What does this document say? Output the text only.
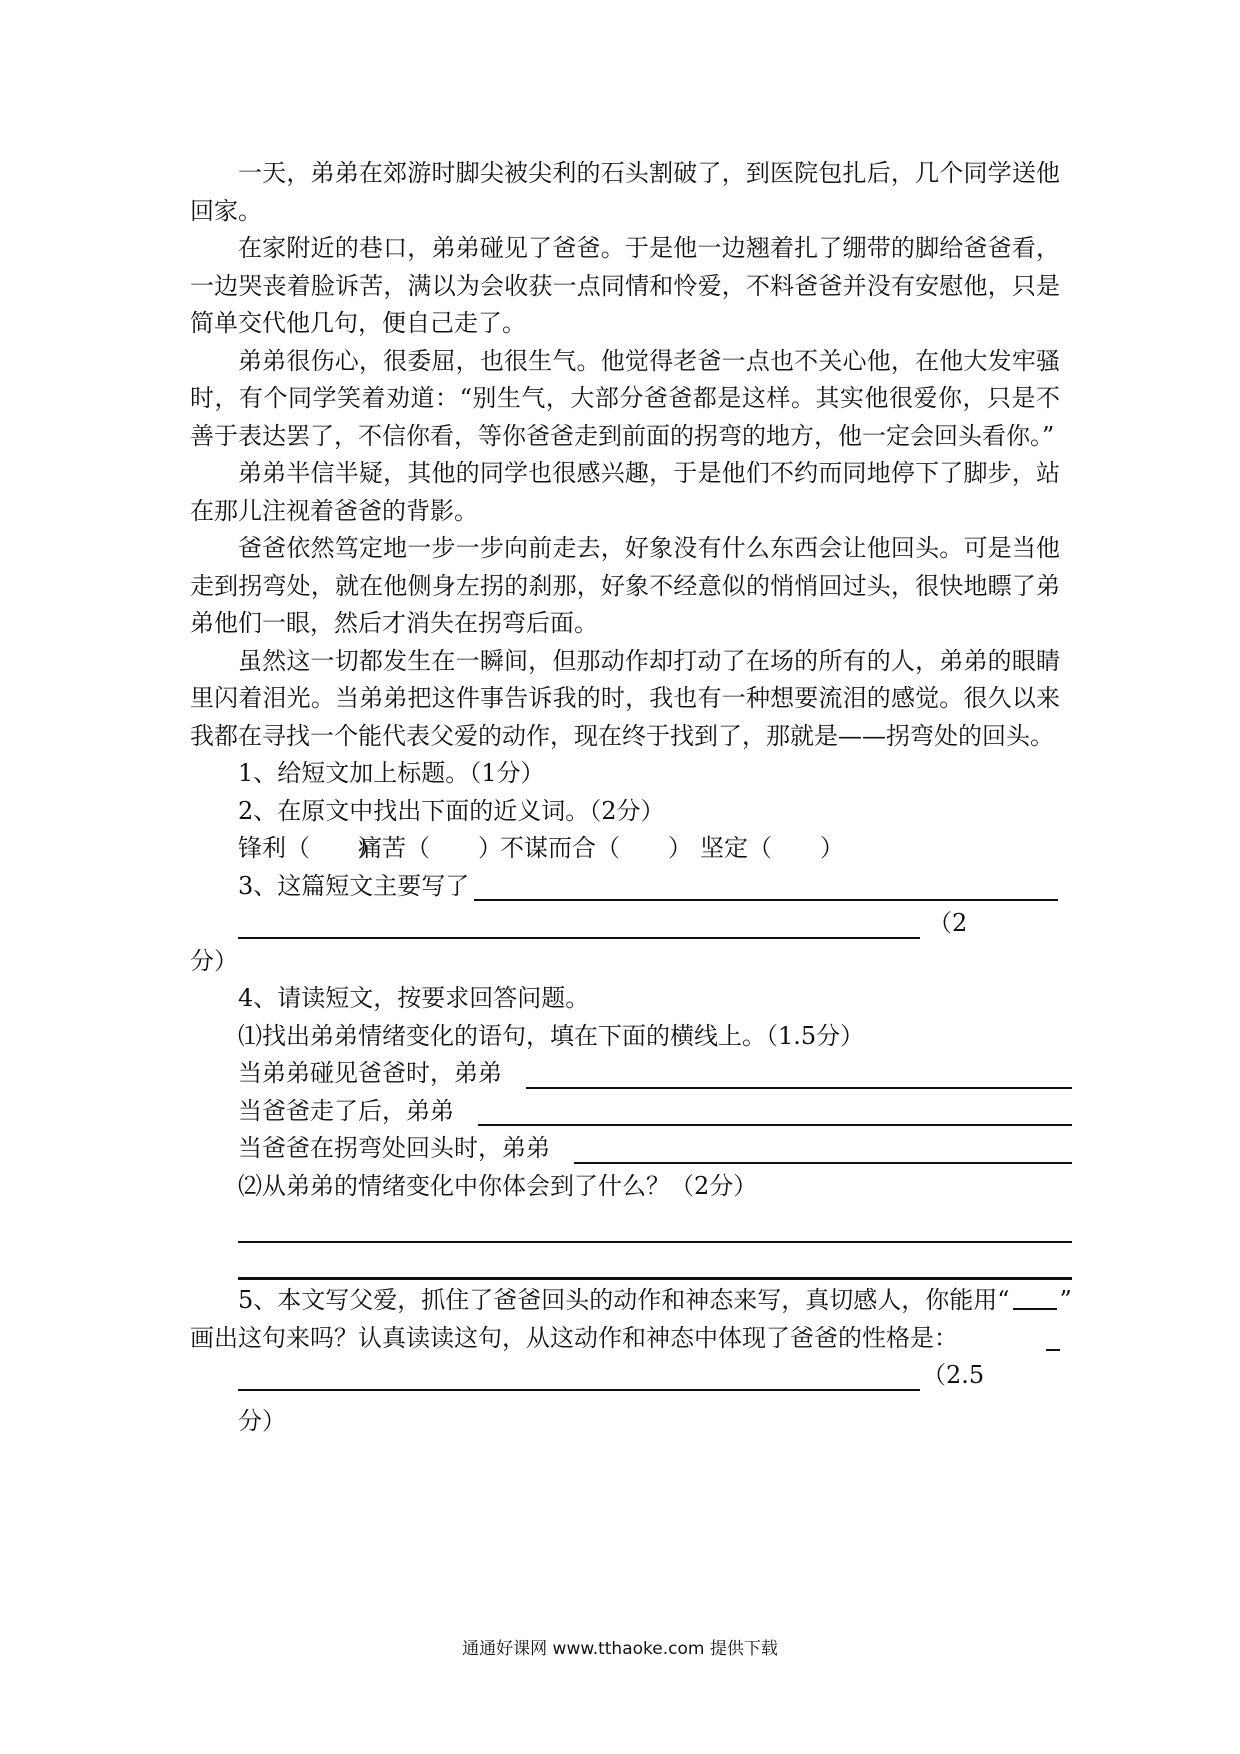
一天，弟弟在郊游时脚尖被尖利的石头割破了，到医院包扎后，几个同学送他回家。

在家附近的巷口，弟弟碰见了爸爸。于是他一边翘着扎了绷带的脚给爸爸看，一边哭丧着脸诉苦，满以为会收获一点同情和怜爱，不料爸爸并没有安慰他，只是简单交代他几句，便自己走了。

弟弟很伤心，很委屈，也很生气。他觉得老爸一点也不关心他，在他大发牢骚时，有个同学笑着劝道：“别生气，大部分爸爸都是这样。其实他很爱你，只是不善于表达罢了，不信你看，等你爸爸走到前面的拐弯的地方，他一定会回头看你。”

弟弟半信半疑，其他的同学也很感兴趣，于是他们不约而同地停下了脚步，站在那儿注视着爸爸的背影。

爸爸依然笃定地一步一步向前走去，好象没有什么东西会让他回头。可是当他走到拐弯处，就在他侧身左拐的刹那，好象不经意似的悄悄回过头，很快地瞟了弟弟他们一眼，然后才消失在拐弯后面。

虽然这一切都发生在一瞬间，但那动作却打动了在场的所有的人，弟弟的眼睛里闪着泪光。当弟弟把这件事告诉我的时，我也有一种想要流泪的感觉。很久以来我都在寻找一个能代表父爱的动作，现在终于找到了，那就是——拐弯处的回头。

1、给短文加上标题。（1分）
2、在原文中找出下面的近义词。（2分）
锋利（　　）痛苦（　　）不谋而合（　　） 坚定（　　）
3、这篇短文主要写了
（2
分）
4、请读短文，按要求回答问题。
⑴找出弟弟情绪变化的语句，填在下面的横线上。（1.5分）
当弟弟碰见爸爸时，弟弟
当爸爸走了后，弟弟
当爸爸在拐弯处回头时，弟弟
⑵从弟弟的情绪变化中你体会到了什么？（2分）
5、本文写父爱，抓住了爸爸回头的动作和神态来写，真切感人，你能用“ ”
画出这句来吗？认真读读这句，从这动作和神态中体现了爸爸的性格是：
（2.5
分）
通通好课网 www.tthaoke.com 提供下载
